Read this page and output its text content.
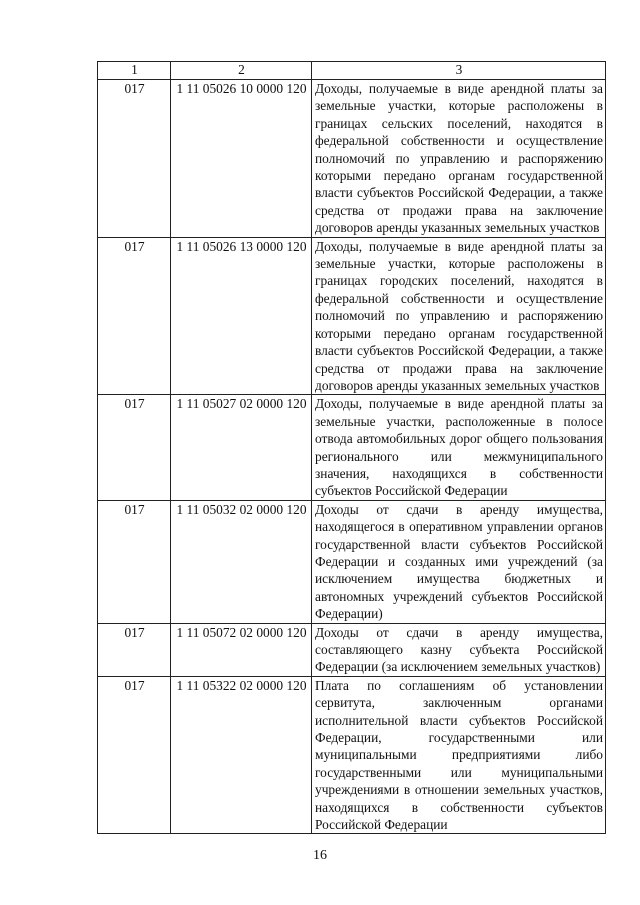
1	2	3
017	1 11 05026 10 0000 120	Доходы, получаемые в виде арендной платы за земельные участки, которые расположены в границах сельских поселений, находятся в федеральной собственности и осуществление полномочий по управлению и распоряжению которыми передано органам государственной власти субъектов Российской Федерации, а также средства от продажи права на заключение договоров аренды указанных земельных участков
017	1 11 05026 13 0000 120	Доходы, получаемые в виде арендной платы за земельные участки, которые расположены в границах городских поселений, находятся в федеральной собственности и осуществление полномочий по управлению и распоряжению которыми передано органам государственной власти субъектов Российской Федерации, а также средства от продажи права на заключение договоров аренды указанных земельных участков
017	1 11 05027 02 0000 120	Доходы, получаемые в виде арендной платы за земельные участки, расположенные в полосе отвода автомобильных дорог общего пользования регионального или межмуниципального значения, находящихся в собственности субъектов Российской Федерации
017	1 11 05032 02 0000 120	Доходы от сдачи в аренду имущества, находящегося в оперативном управлении органов государственной власти субъектов Российской Федерации и созданных ими учреждений (за исключением имущества бюджетных и автономных учреждений субъектов Российской Федерации)
017	1 11 05072 02 0000 120	Доходы от сдачи в аренду имущества, составляющего казну субъекта Российской Федерации (за исключением земельных участков)
017	1 11 05322 02 0000 120	Плата по соглашениям об установлении сервитута, заключенным органами исполнительной власти субъектов Российской Федерации, государственными или муниципальными предприятиями либо государственными или муниципальными учреждениями в отношении земельных участков, находящихся в собственности субъектов Российской Федерации
16
